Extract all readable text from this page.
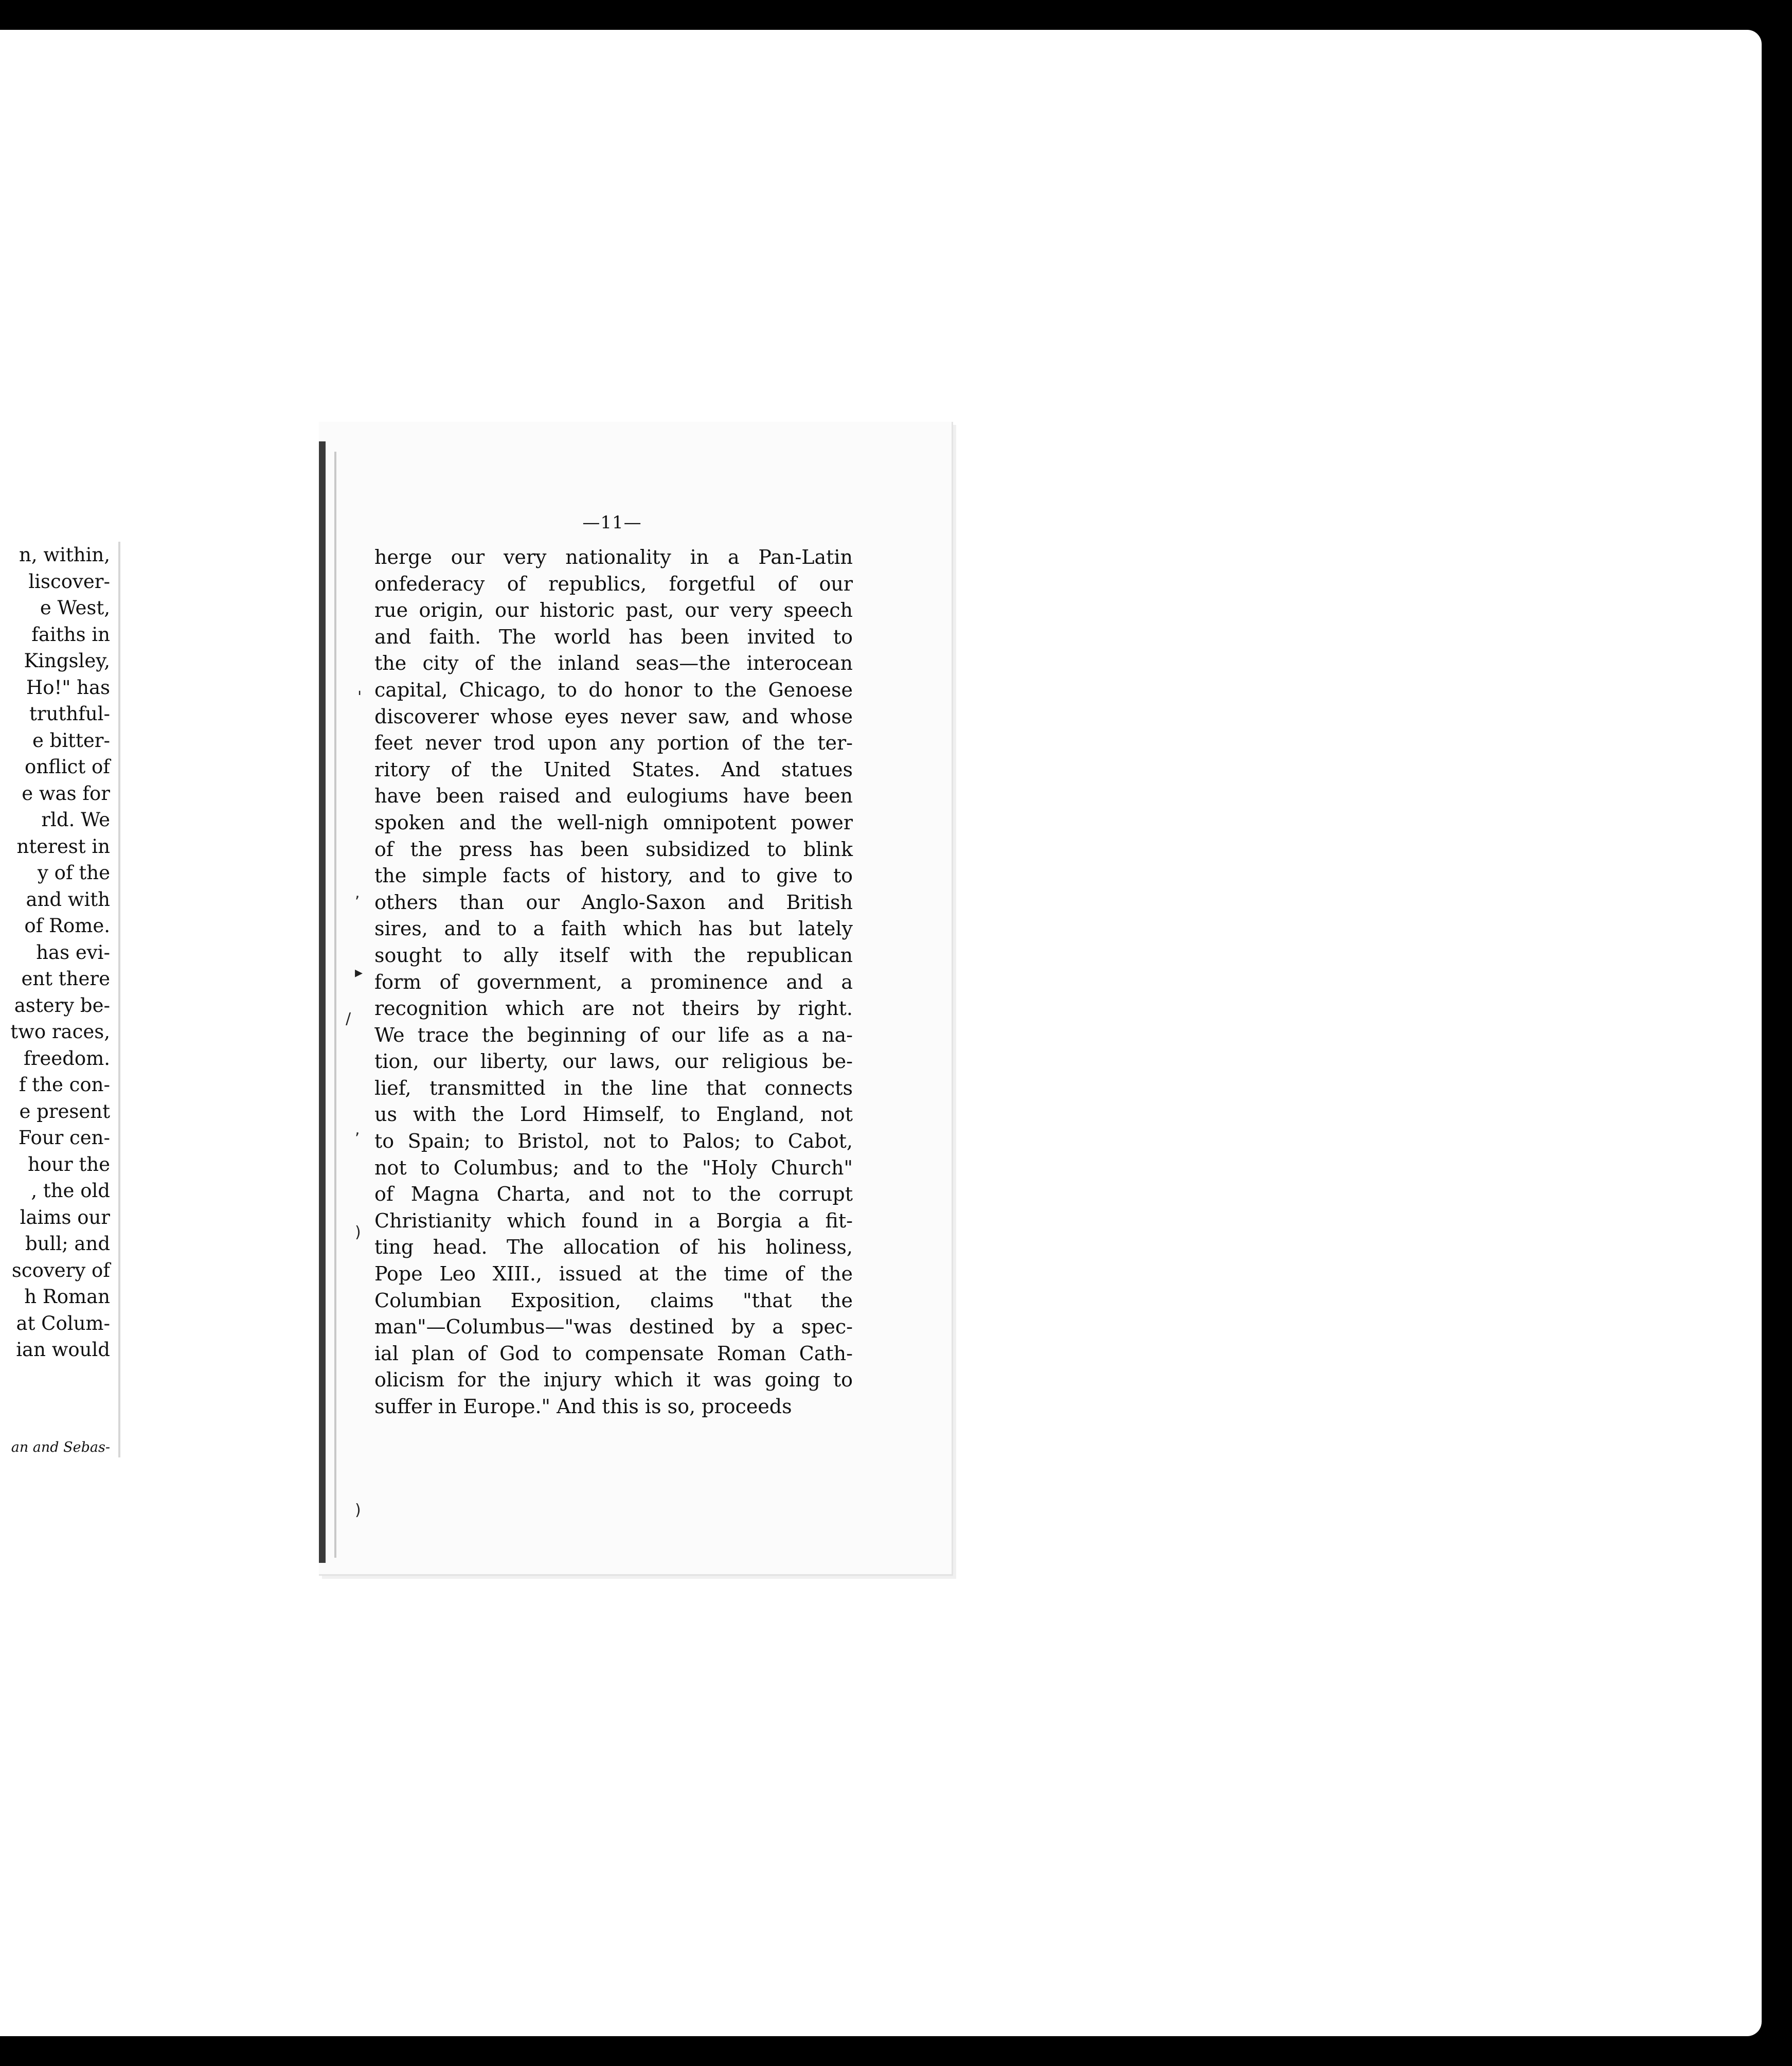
n, within,
liscover-
e West,
faiths in
Kingsley,
Ho!" has
truthful-
e bitter-
onflict of
e was for
rld. We
nterest in
y of the
and with
of Rome.
has evi-
ent there
astery be-
two races,
freedom.
f the con-
e present
Four cen-
hour the
, the old
laims our
bull; and
scovery of
h Roman
at Colum-
ian would
an and Sebas-
—11—
herge our very nationality in a Pan-Latin
onfederacy of republics, forgetful of our
rue origin, our historic past, our very speech
and faith. The world has been invited to
the city of the inland seas—the interocean
capital, Chicago, to do honor to the Genoese
discoverer whose eyes never saw, and whose
feet never trod upon any portion of the ter-
ritory of the United States. And statues
have been raised and eulogiums have been
spoken and the well-nigh omnipotent power
of the press has been subsidized to blink
the simple facts of history, and to give to
others than our Anglo-Saxon and British
sires, and to a faith which has but lately
sought to ally itself with the republican
form of government, a prominence and a
recognition which are not theirs by right.
We trace the beginning of our life as a na-
tion, our liberty, our laws, our religious be-
lief, transmitted in the line that connects
us with the Lord Himself, to England, not
to Spain; to Bristol, not to Palos; to Cabot,
not to Columbus; and to the "Holy Church"
of Magna Charta, and not to the corrupt
Christianity which found in a Borgia a fit-
ting head. The allocation of his holiness,
Pope Leo XIII., issued at the time of the
Columbian Exposition, claims "that the
man"—Columbus—"was destined by a spec-
ial plan of God to compensate Roman Cath-
olicism for the injury which it was going to
suffer in Europe." And this is so, proceeds
'
,
▸
/
,
)
)
